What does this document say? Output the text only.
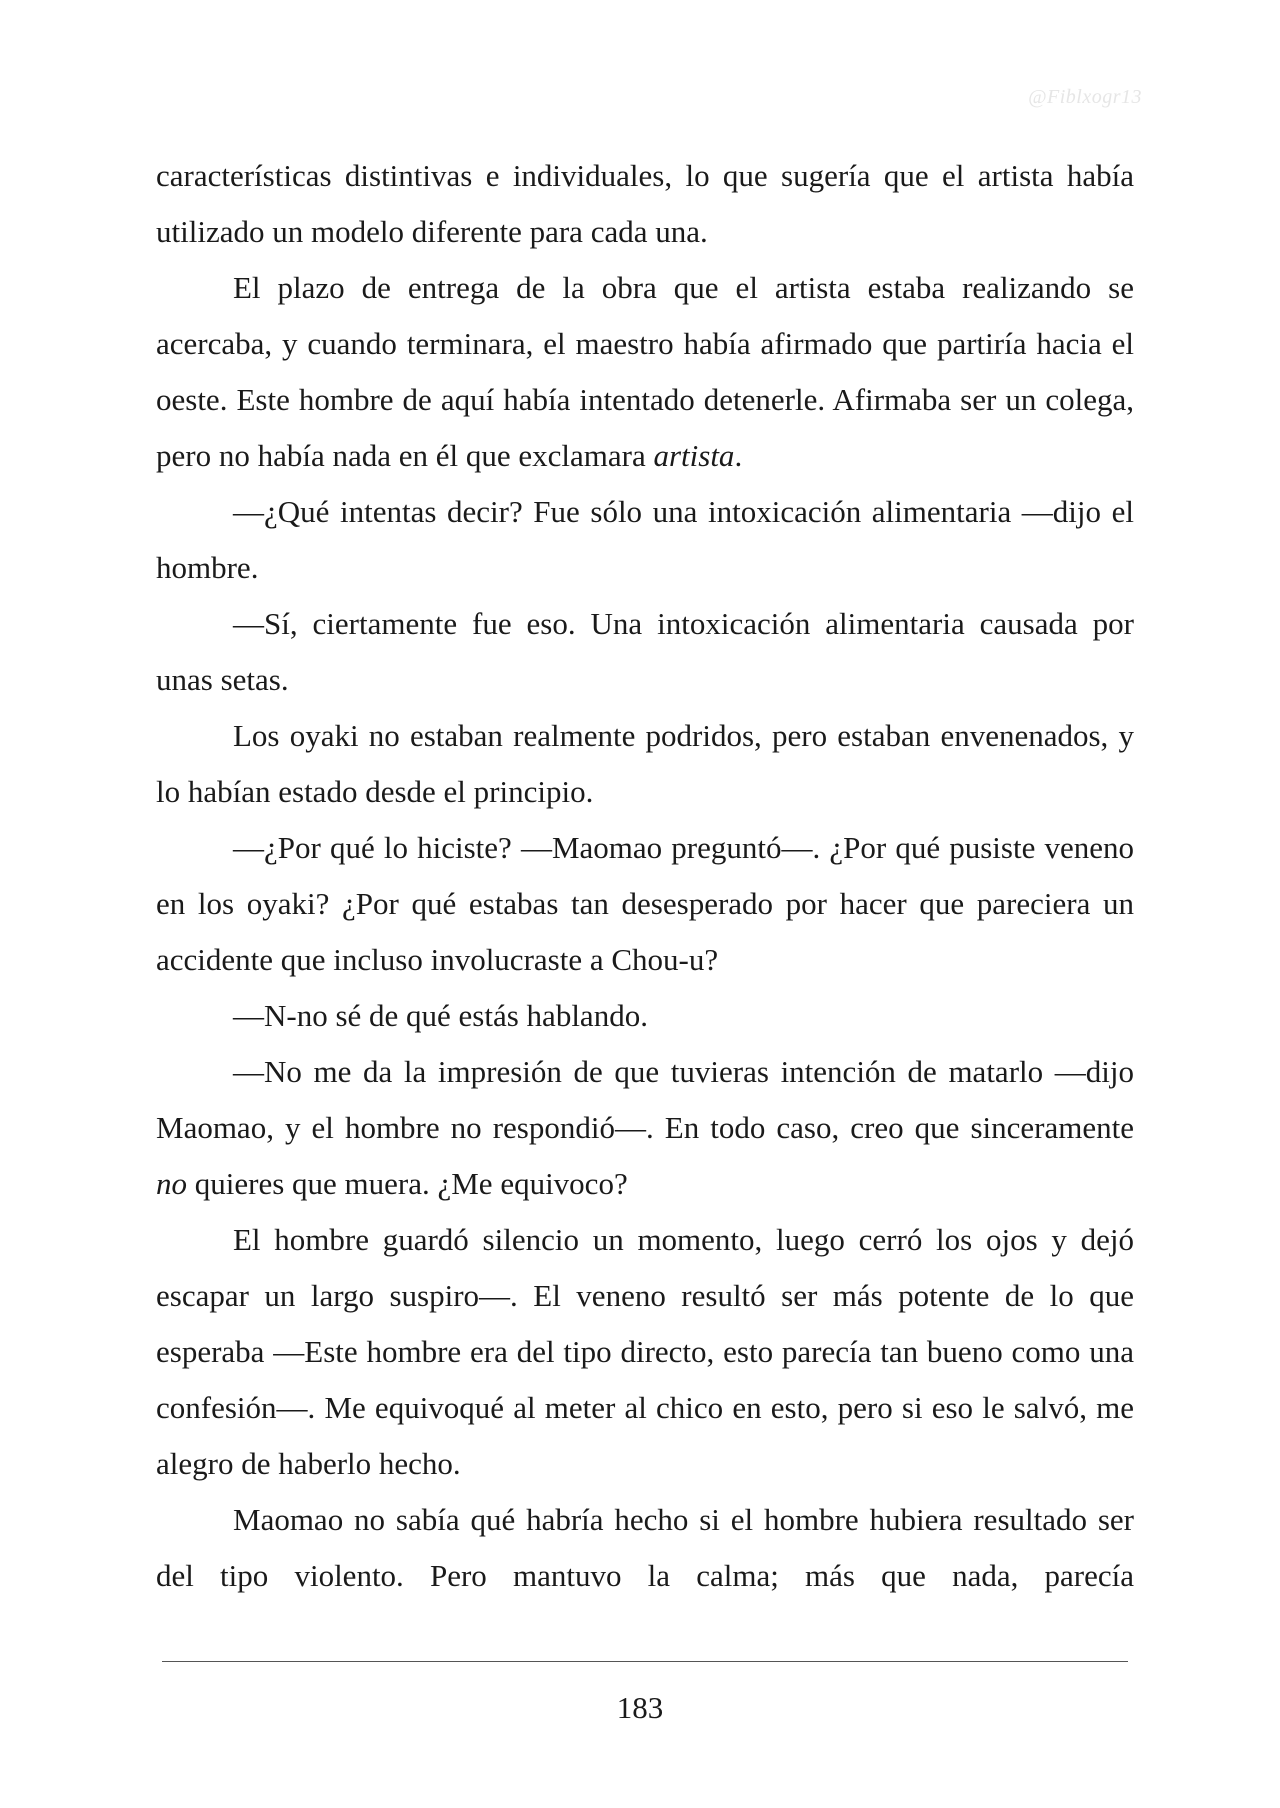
@Fiblxogr13

características distintivas e individuales, lo que sugería que el artista había utilizado un modelo diferente para cada una.

El plazo de entrega de la obra que el artista estaba realizando se acercaba, y cuando terminara, el maestro había afirmado que partiría hacia el oeste. Este hombre de aquí había intentado detenerle. Afirmaba ser un colega, pero no había nada en él que exclamara artista.

—¿Qué intentas decir? Fue sólo una intoxicación alimentaria —dijo el hombre.

—Sí, ciertamente fue eso. Una intoxicación alimentaria causada por unas setas.

Los oyaki no estaban realmente podridos, pero estaban envenenados, y lo habían estado desde el principio.

—¿Por qué lo hiciste? —Maomao preguntó—. ¿Por qué pusiste veneno en los oyaki? ¿Por qué estabas tan desesperado por hacer que pareciera un accidente que incluso involucraste a Chou-u?

—N-no sé de qué estás hablando.

—No me da la impresión de que tuvieras intención de matarlo —dijo Maomao, y el hombre no respondió—. En todo caso, creo que sinceramente no quieres que muera. ¿Me equivoco?

El hombre guardó silencio un momento, luego cerró los ojos y dejó escapar un largo suspiro—. El veneno resultó ser más potente de lo que esperaba —Este hombre era del tipo directo, esto parecía tan bueno como una confesión—. Me equivoqué al meter al chico en esto, pero si eso le salvó, me alegro de haberlo hecho.

Maomao no sabía qué habría hecho si el hombre hubiera resultado ser del tipo violento. Pero mantuvo la calma; más que nada, parecía

183
